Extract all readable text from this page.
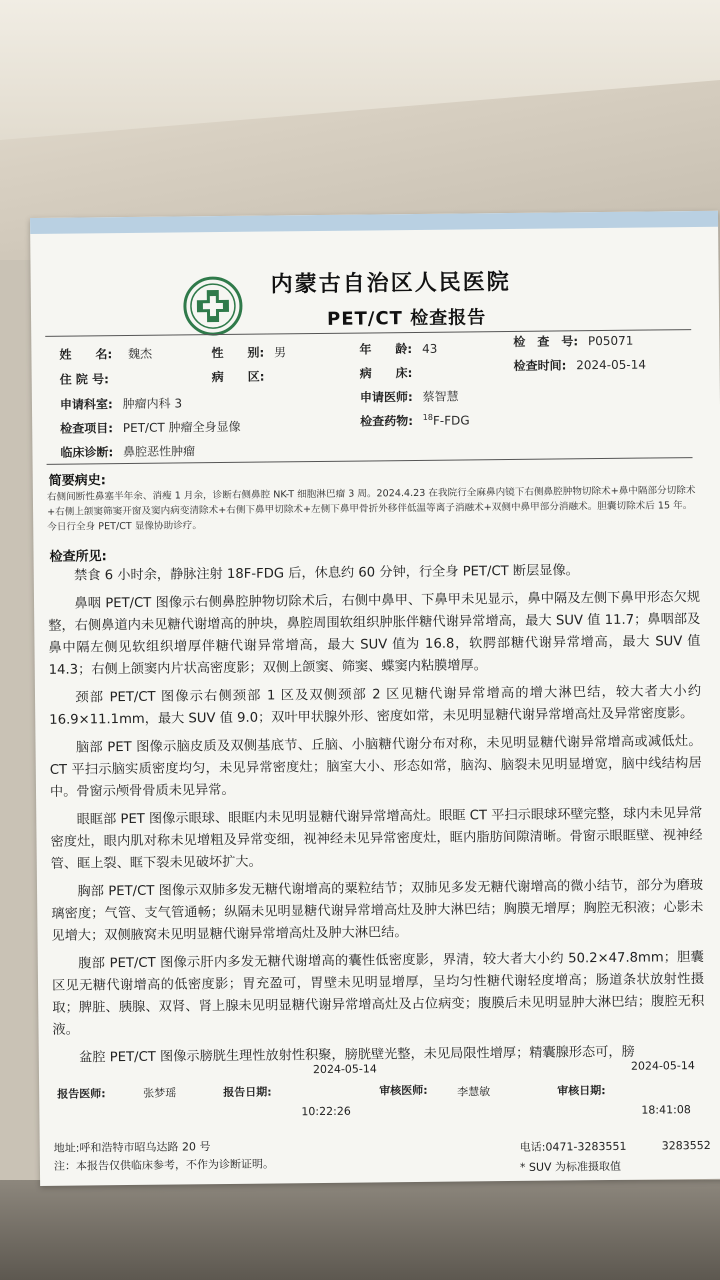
内蒙古自治区人民医院
PET/CT 检查报告
姓　　名: 魏杰	性　　别: 男	年　　龄: 43	检　查　号: P05071
住 院 号:	病　　区:	病　　床:
检查时间: 2024-05-14
申请科室: 肿瘤内科 3	申请医师: 蔡智慧
检查项目: PET/CT 肿瘤全身显像	检查药物: $^{18}$F-FDG
临床诊断: 鼻腔恶性肿瘤
简要病史:
右侧间断性鼻塞半年余、消瘦 1 月余，诊断右侧鼻腔 NK-T 细胞淋巴瘤 3 周。2024.4.23 在我院行全麻鼻内镜下右侧鼻腔肿物切除术+鼻中隔部分切除术+右侧上颌窦筛窦开窗及窦内病变清除术+右侧下鼻甲切除术+左侧下鼻甲骨折外移伴低温等离子消融术+双侧中鼻甲部分消融术。胆囊切除术后 15 年。今日行全身 PET/CT 显像协助诊疗。
检查所见:

禁食 6 小时余，静脉注射 18F-FDG 后，休息约 60 分钟，行全身 PET/CT 断层显像。

鼻咽 PET/CT 图像示右侧鼻腔肿物切除术后，右侧中鼻甲、下鼻甲未见显示，鼻中隔及左侧下鼻甲形态欠规整，右侧鼻道内未见糖代谢增高的肿块，鼻腔周围软组织肿胀伴糖代谢异常增高，最大 SUV 值 11.7；鼻咽部及鼻中隔左侧见软组织增厚伴糖代谢异常增高，最大 SUV 值为 16.8，软腭部糖代谢异常增高，最大 SUV 值 14.3；右侧上颌窦内片状高密度影；双侧上颌窦、筛窦、蝶窦内粘膜增厚。

颈部 PET/CT 图像示右侧颈部 1 区及双侧颈部 2 区见糖代谢异常增高的增大淋巴结，较大者大小约 16.9×11.1mm，最大 SUV 值 9.0；双叶甲状腺外形、密度如常，未见明显糖代谢异常增高灶及异常密度影。

脑部 PET 图像示脑皮质及双侧基底节、丘脑、小脑糖代谢分布对称，未见明显糖代谢异常增高或减低灶。CT 平扫示脑实质密度均匀，未见异常密度灶；脑室大小、形态如常，脑沟、脑裂未见明显增宽，脑中线结构居中。骨窗示颅骨骨质未见异常。

眼眶部 PET 图像示眼球、眼眶内未见明显糖代谢异常增高灶。眼眶 CT 平扫示眼球环壁完整，球内未见异常密度灶，眼内肌对称未见增粗及异常变细，视神经未见异常密度灶，眶内脂肪间隙清晰。骨窗示眼眶壁、视神经管、眶上裂、眶下裂未见破坏扩大。

胸部 PET/CT 图像示双肺多发无糖代谢增高的粟粒结节；双肺见多发无糖代谢增高的微小结节，部分为磨玻璃密度；气管、支气管通畅；纵隔未见明显糖代谢异常增高灶及肿大淋巴结；胸膜无增厚；胸腔无积液；心影未见增大；双侧腋窝未见明显糖代谢异常增高灶及肿大淋巴结。

腹部 PET/CT 图像示肝内多发无糖代谢增高的囊性低密度影，界清，较大者大小约 50.2×47.8mm；胆囊区见无糖代谢增高的低密度影；胃充盈可，胃壁未见明显增厚，呈均匀性糖代谢轻度增高；肠道条状放射性摄取；脾脏、胰腺、双肾、肾上腺未见明显糖代谢异常增高灶及占位病变；腹膜后未见明显肿大淋巴结；腹腔无积液。

盆腔 PET/CT 图像示膀胱生理性放射性积聚，膀胱壁光整，未见局限性增厚；精囊腺形态可，膀

2024-05-14	2024-05-14
报告医师:	张梦瑶	报告日期:	审核医师:	李慧敏	审核日期:
10:22:26	18:41:08
地址:呼和浩特市昭乌达路 20 号	电话:0471-3283551	3283552
注：本报告仅供临床参考，不作为诊断证明。	* SUV 为标准摄取值
